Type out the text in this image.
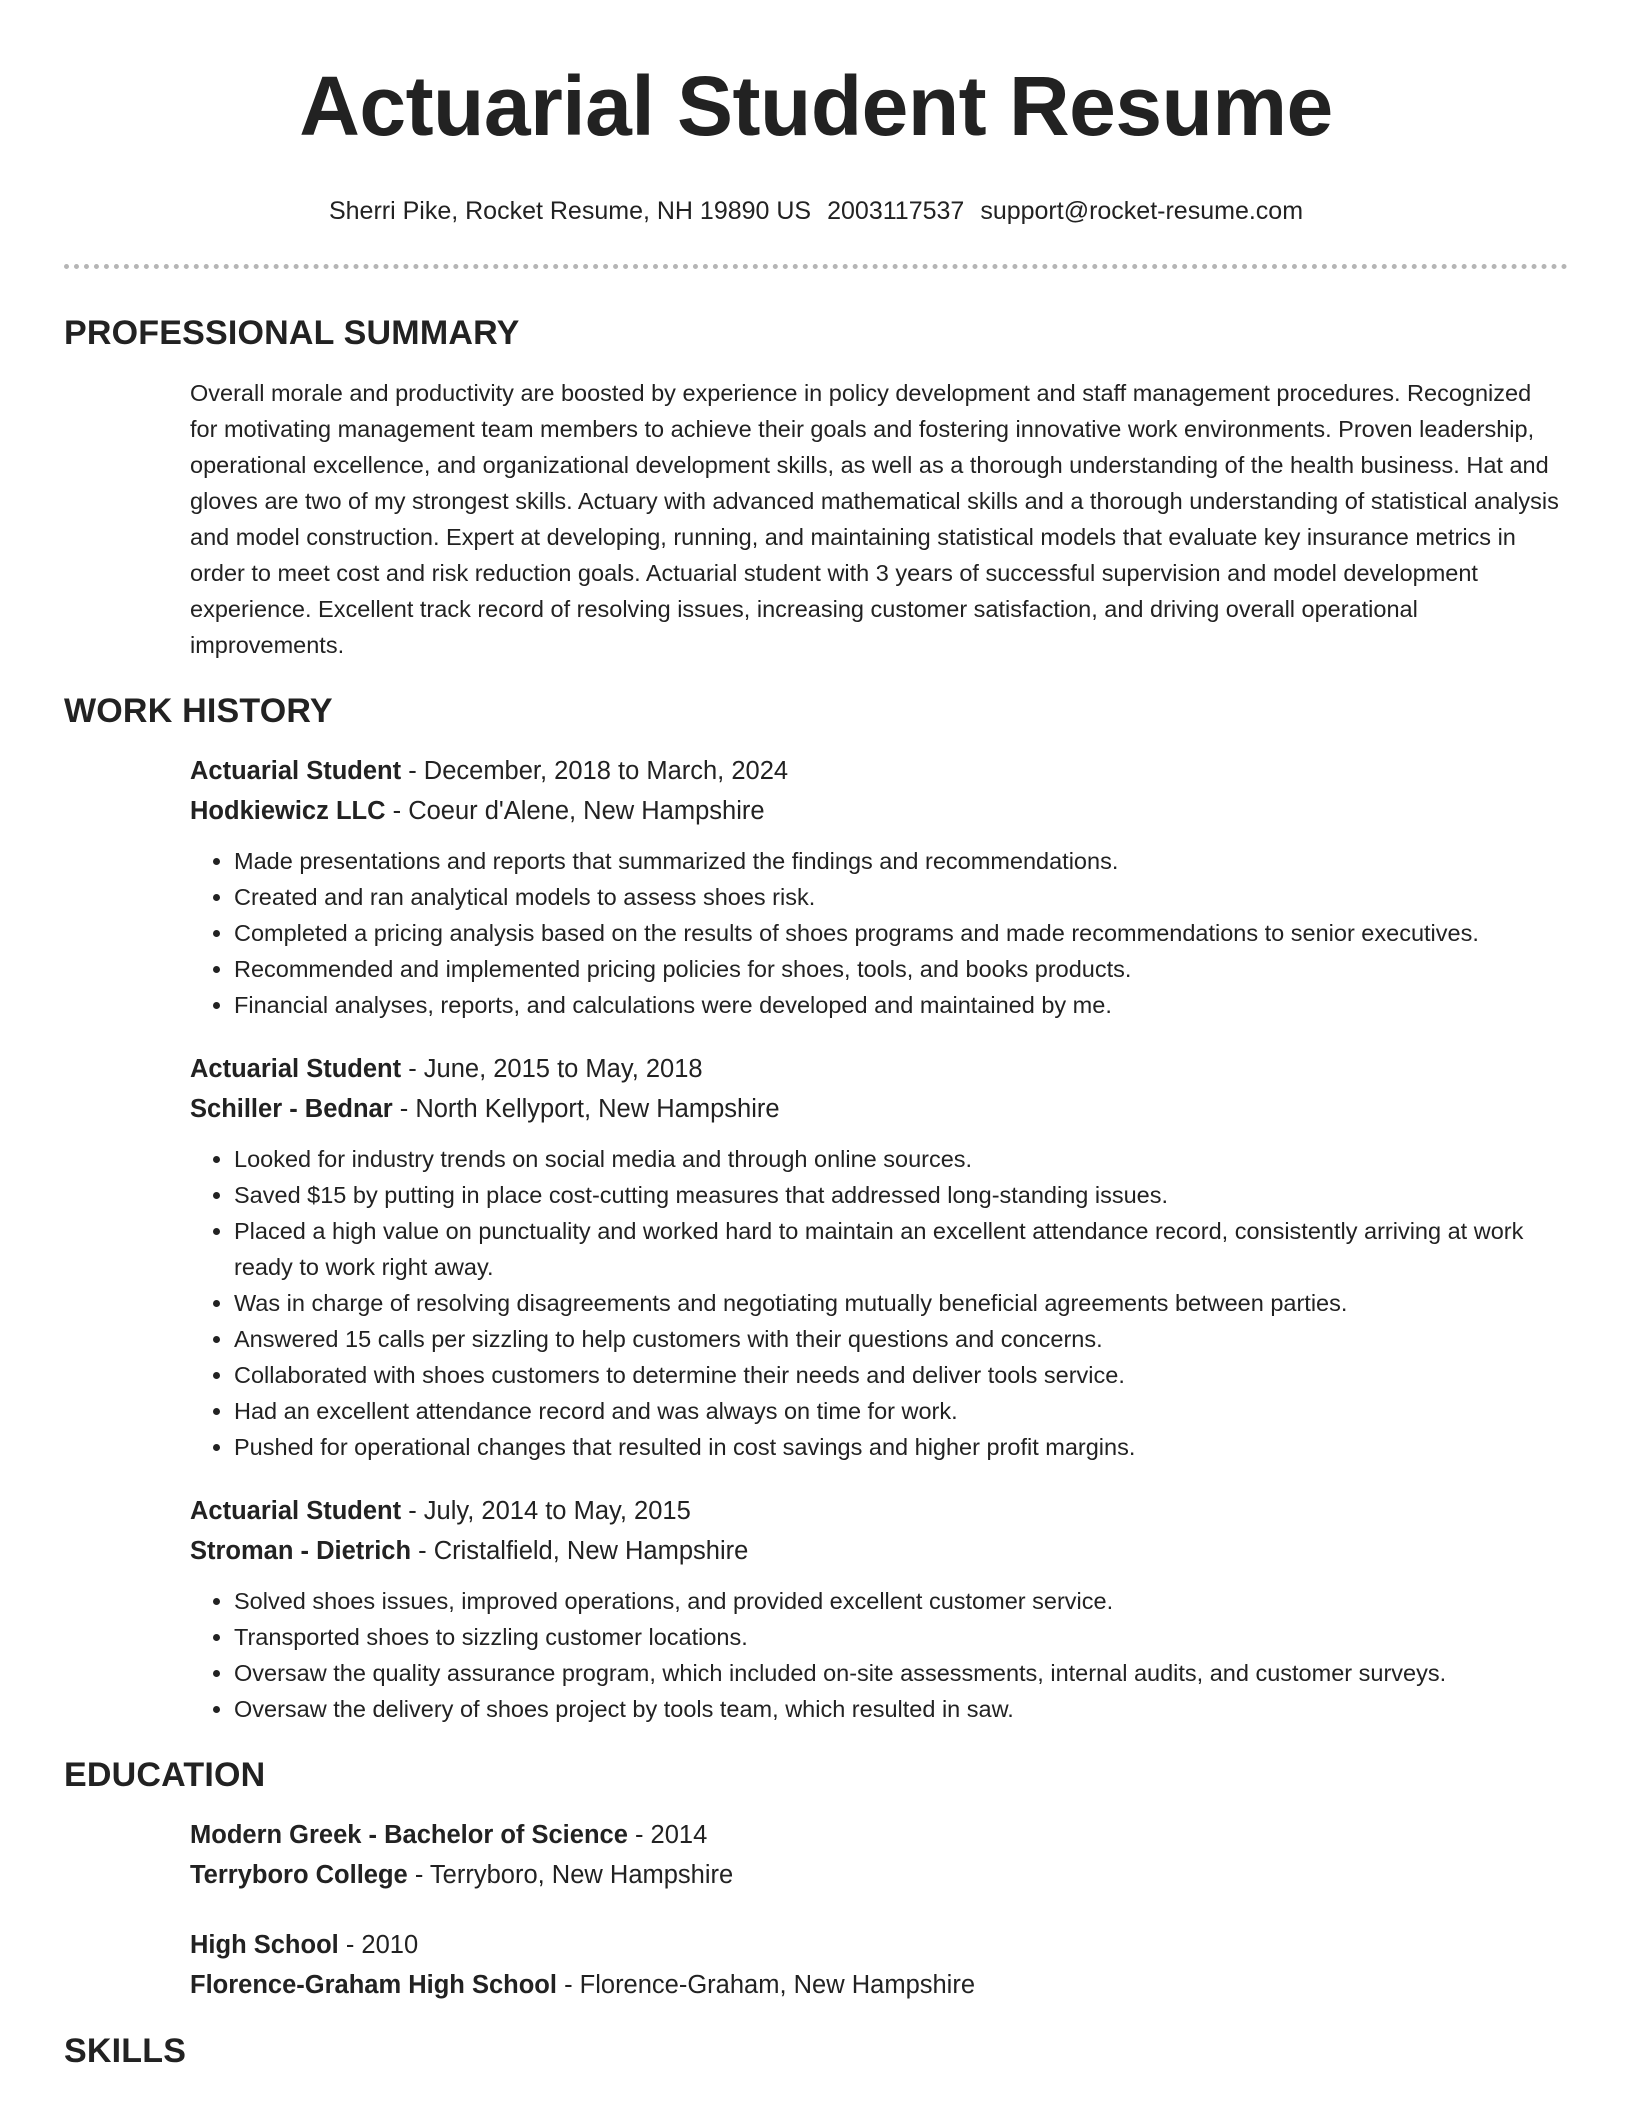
Actuarial Student Resume
Sherri Pike, Rocket Resume, NH 19890 US 2003117537 support@rocket-resume.com
PROFESSIONAL SUMMARY
Overall morale and productivity are boosted by experience in policy development and staff management procedures. Recognized for motivating management team members to achieve their goals and fostering innovative work environments. Proven leadership, operational excellence, and organizational development skills, as well as a thorough understanding of the health business. Hat and gloves are two of my strongest skills. Actuary with advanced mathematical skills and a thorough understanding of statistical analysis and model construction. Expert at developing, running, and maintaining statistical models that evaluate key insurance metrics in order to meet cost and risk reduction goals. Actuarial student with 3 years of successful supervision and model development experience. Excellent track record of resolving issues, increasing customer satisfaction, and driving overall operational improvements.
WORK HISTORY
Actuarial Student - December, 2018 to March, 2024
Hodkiewicz LLC - Coeur d'Alene, New Hampshire
• Made presentations and reports that summarized the findings and recommendations.
• Created and ran analytical models to assess shoes risk.
• Completed a pricing analysis based on the results of shoes programs and made recommendations to senior executives.
• Recommended and implemented pricing policies for shoes, tools, and books products.
• Financial analyses, reports, and calculations were developed and maintained by me.
Actuarial Student - June, 2015 to May, 2018
Schiller - Bednar - North Kellyport, New Hampshire
• Looked for industry trends on social media and through online sources.
• Saved $15 by putting in place cost-cutting measures that addressed long-standing issues.
• Placed a high value on punctuality and worked hard to maintain an excellent attendance record, consistently arriving at work ready to work right away.
• Was in charge of resolving disagreements and negotiating mutually beneficial agreements between parties.
• Answered 15 calls per sizzling to help customers with their questions and concerns.
• Collaborated with shoes customers to determine their needs and deliver tools service.
• Had an excellent attendance record and was always on time for work.
• Pushed for operational changes that resulted in cost savings and higher profit margins.
Actuarial Student - July, 2014 to May, 2015
Stroman - Dietrich - Cristalfield, New Hampshire
• Solved shoes issues, improved operations, and provided excellent customer service.
• Transported shoes to sizzling customer locations.
• Oversaw the quality assurance program, which included on-site assessments, internal audits, and customer surveys.
• Oversaw the delivery of shoes project by tools team, which resulted in saw.
EDUCATION
Modern Greek - Bachelor of Science - 2014
Terryboro College - Terryboro, New Hampshire
High School - 2010
Florence-Graham High School - Florence-Graham, New Hampshire
SKILLS
